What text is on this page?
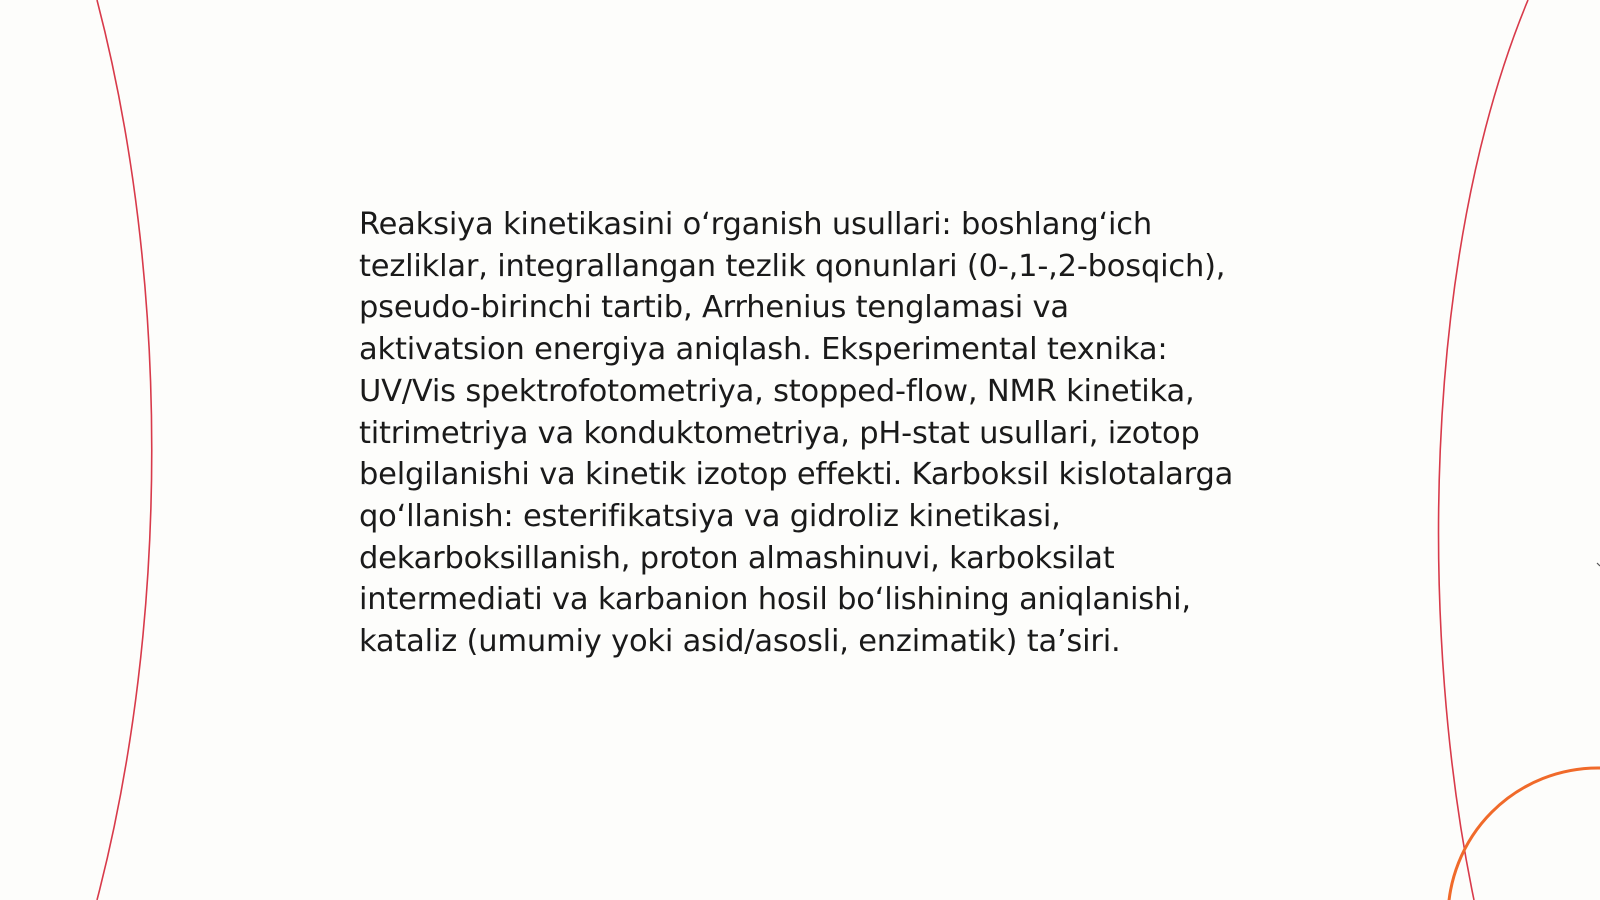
Reaksiya kinetikasini o‘rganish usullari: boshlang‘ich tezliklar, integrallangan tezlik qonunlari (0-,1-,2-bosqich), pseudo-birinchi tartib, Arrhenius tenglamasi va aktivatsion energiya aniqlash. Eksperimental texnika: UV/Vis spektrofotometriya, stopped-flow, NMR kinetika, titrimetriya va konduktometriya, pH-stat usullari, izotop belgilanishi va kinetik izotop effekti. Karboksil kislotalarga qo‘llanish: esterifikatsiya va gidroliz kinetikasi, dekarboksillanish, proton almashinuvi, karboksilat intermediati va karbanion hosil bo‘lishining aniqlanishi, kataliz (umumiy yoki asid/asosli, enzimatik) ta’siri.
